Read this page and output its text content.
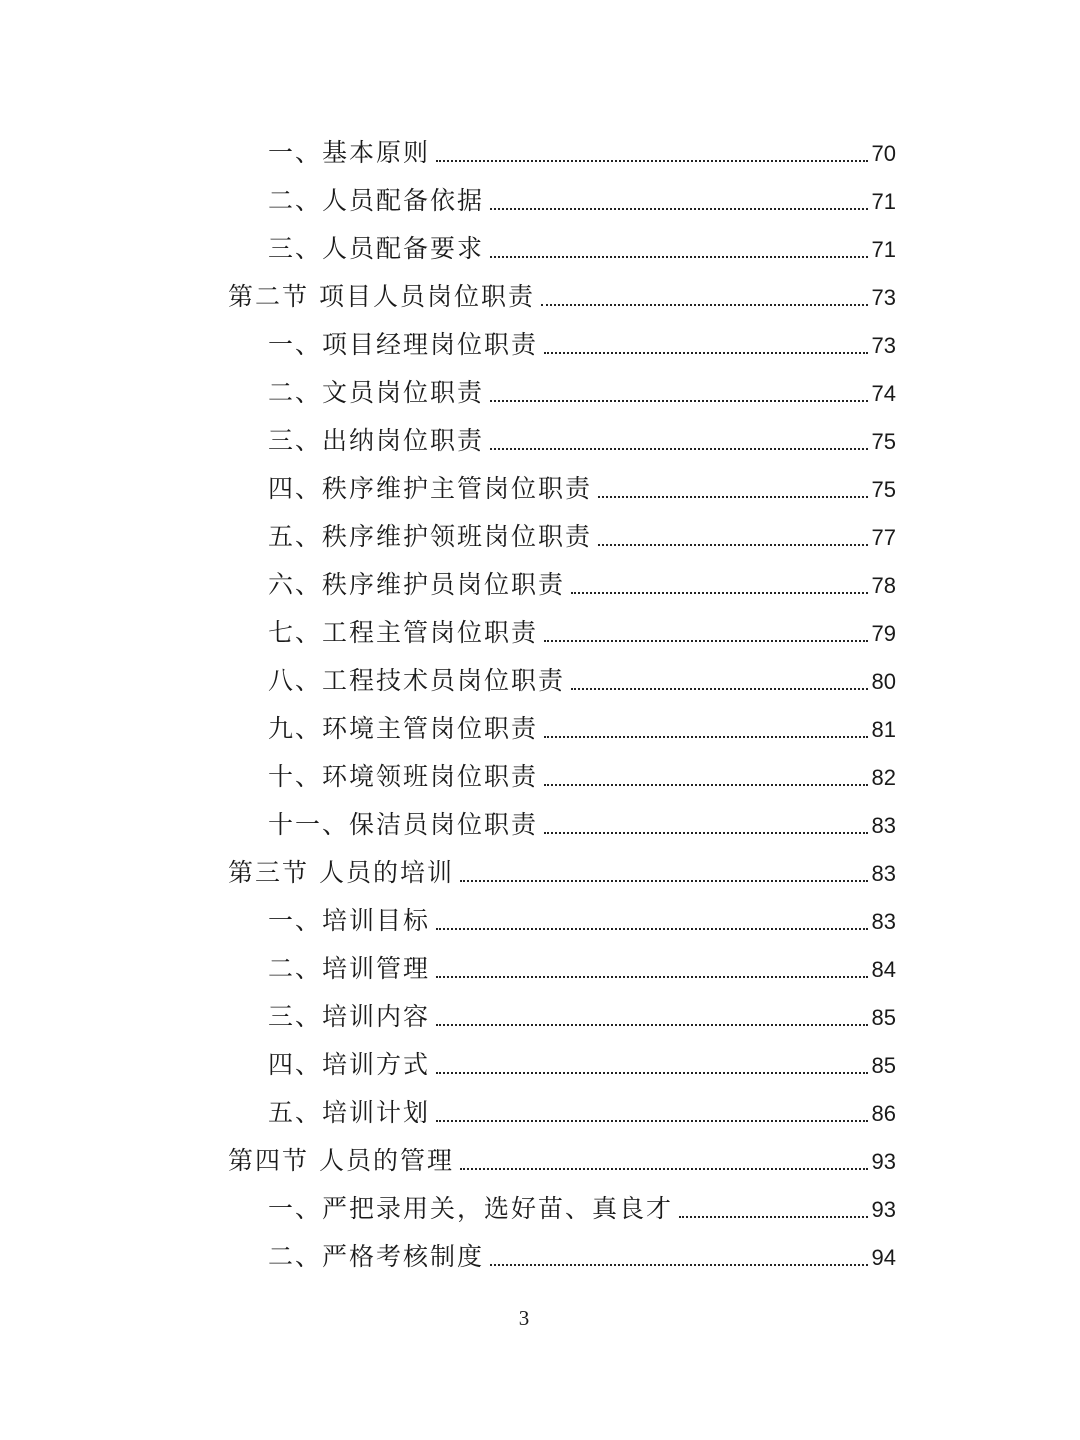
一、基本原则	70
二、人员配备依据	71
三、人员配备要求	71
第二节 项目人员岗位职责	73
一、项目经理岗位职责	73
二、文员岗位职责	74
三、出纳岗位职责	75
四、秩序维护主管岗位职责	75
五、秩序维护领班岗位职责	77
六、秩序维护员岗位职责	78
七、工程主管岗位职责	79
八、工程技术员岗位职责	80
九、环境主管岗位职责	81
十、环境领班岗位职责	82
十一、保洁员岗位职责	83
第三节 人员的培训	83
一、培训目标	83
二、培训管理	84
三、培训内容	85
四、培训方式	85
五、培训计划	86
第四节 人员的管理	93
一、严把录用关，选好苗、真良才	93
二、严格考核制度	94
3
